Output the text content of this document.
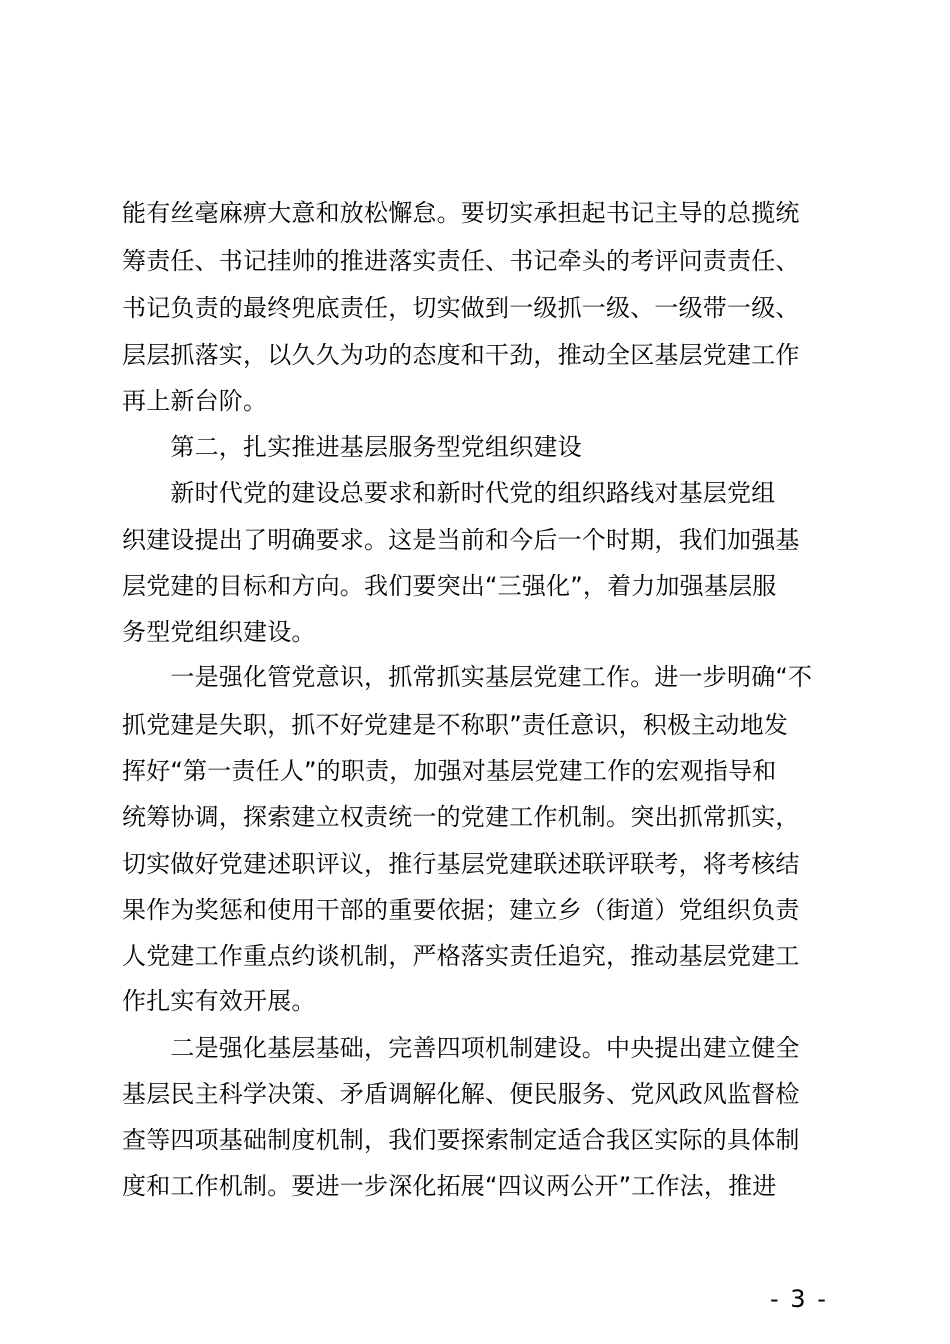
能有丝毫麻痹大意和放松懈怠。要切实承担起书记主导的总揽统
筹责任、书记挂帅的推进落实责任、书记牵头的考评问责责任、
书记负责的最终兜底责任，切实做到一级抓一级、一级带一级、
层层抓落实，以久久为功的态度和干劲，推动全区基层党建工作
再上新台阶。
　　第二，扎实推进基层服务型党组织建设
　　新时代党的建设总要求和新时代党的组织路线对基层党组
织建设提出了明确要求。这是当前和今后一个时期，我们加强基
层党建的目标和方向。我们要突出“三强化”，着力加强基层服
务型党组织建设。
　　一是强化管党意识，抓常抓实基层党建工作。进一步明确“不
抓党建是失职，抓不好党建是不称职”责任意识，积极主动地发
挥好“第一责任人”的职责，加强对基层党建工作的宏观指导和
统筹协调，探索建立权责统一的党建工作机制。突出抓常抓实，
切实做好党建述职评议，推行基层党建联述联评联考，将考核结
果作为奖惩和使用干部的重要依据；建立乡（街道）党组织负责
人党建工作重点约谈机制，严格落实责任追究，推动基层党建工
作扎实有效开展。
　　二是强化基层基础，完善四项机制建设。中央提出建立健全
基层民主科学决策、矛盾调解化解、便民服务、党风政风监督检
查等四项基础制度机制，我们要探索制定适合我区实际的具体制
度和工作机制。要进一步深化拓展“四议两公开”工作法，推进
- 3 -
